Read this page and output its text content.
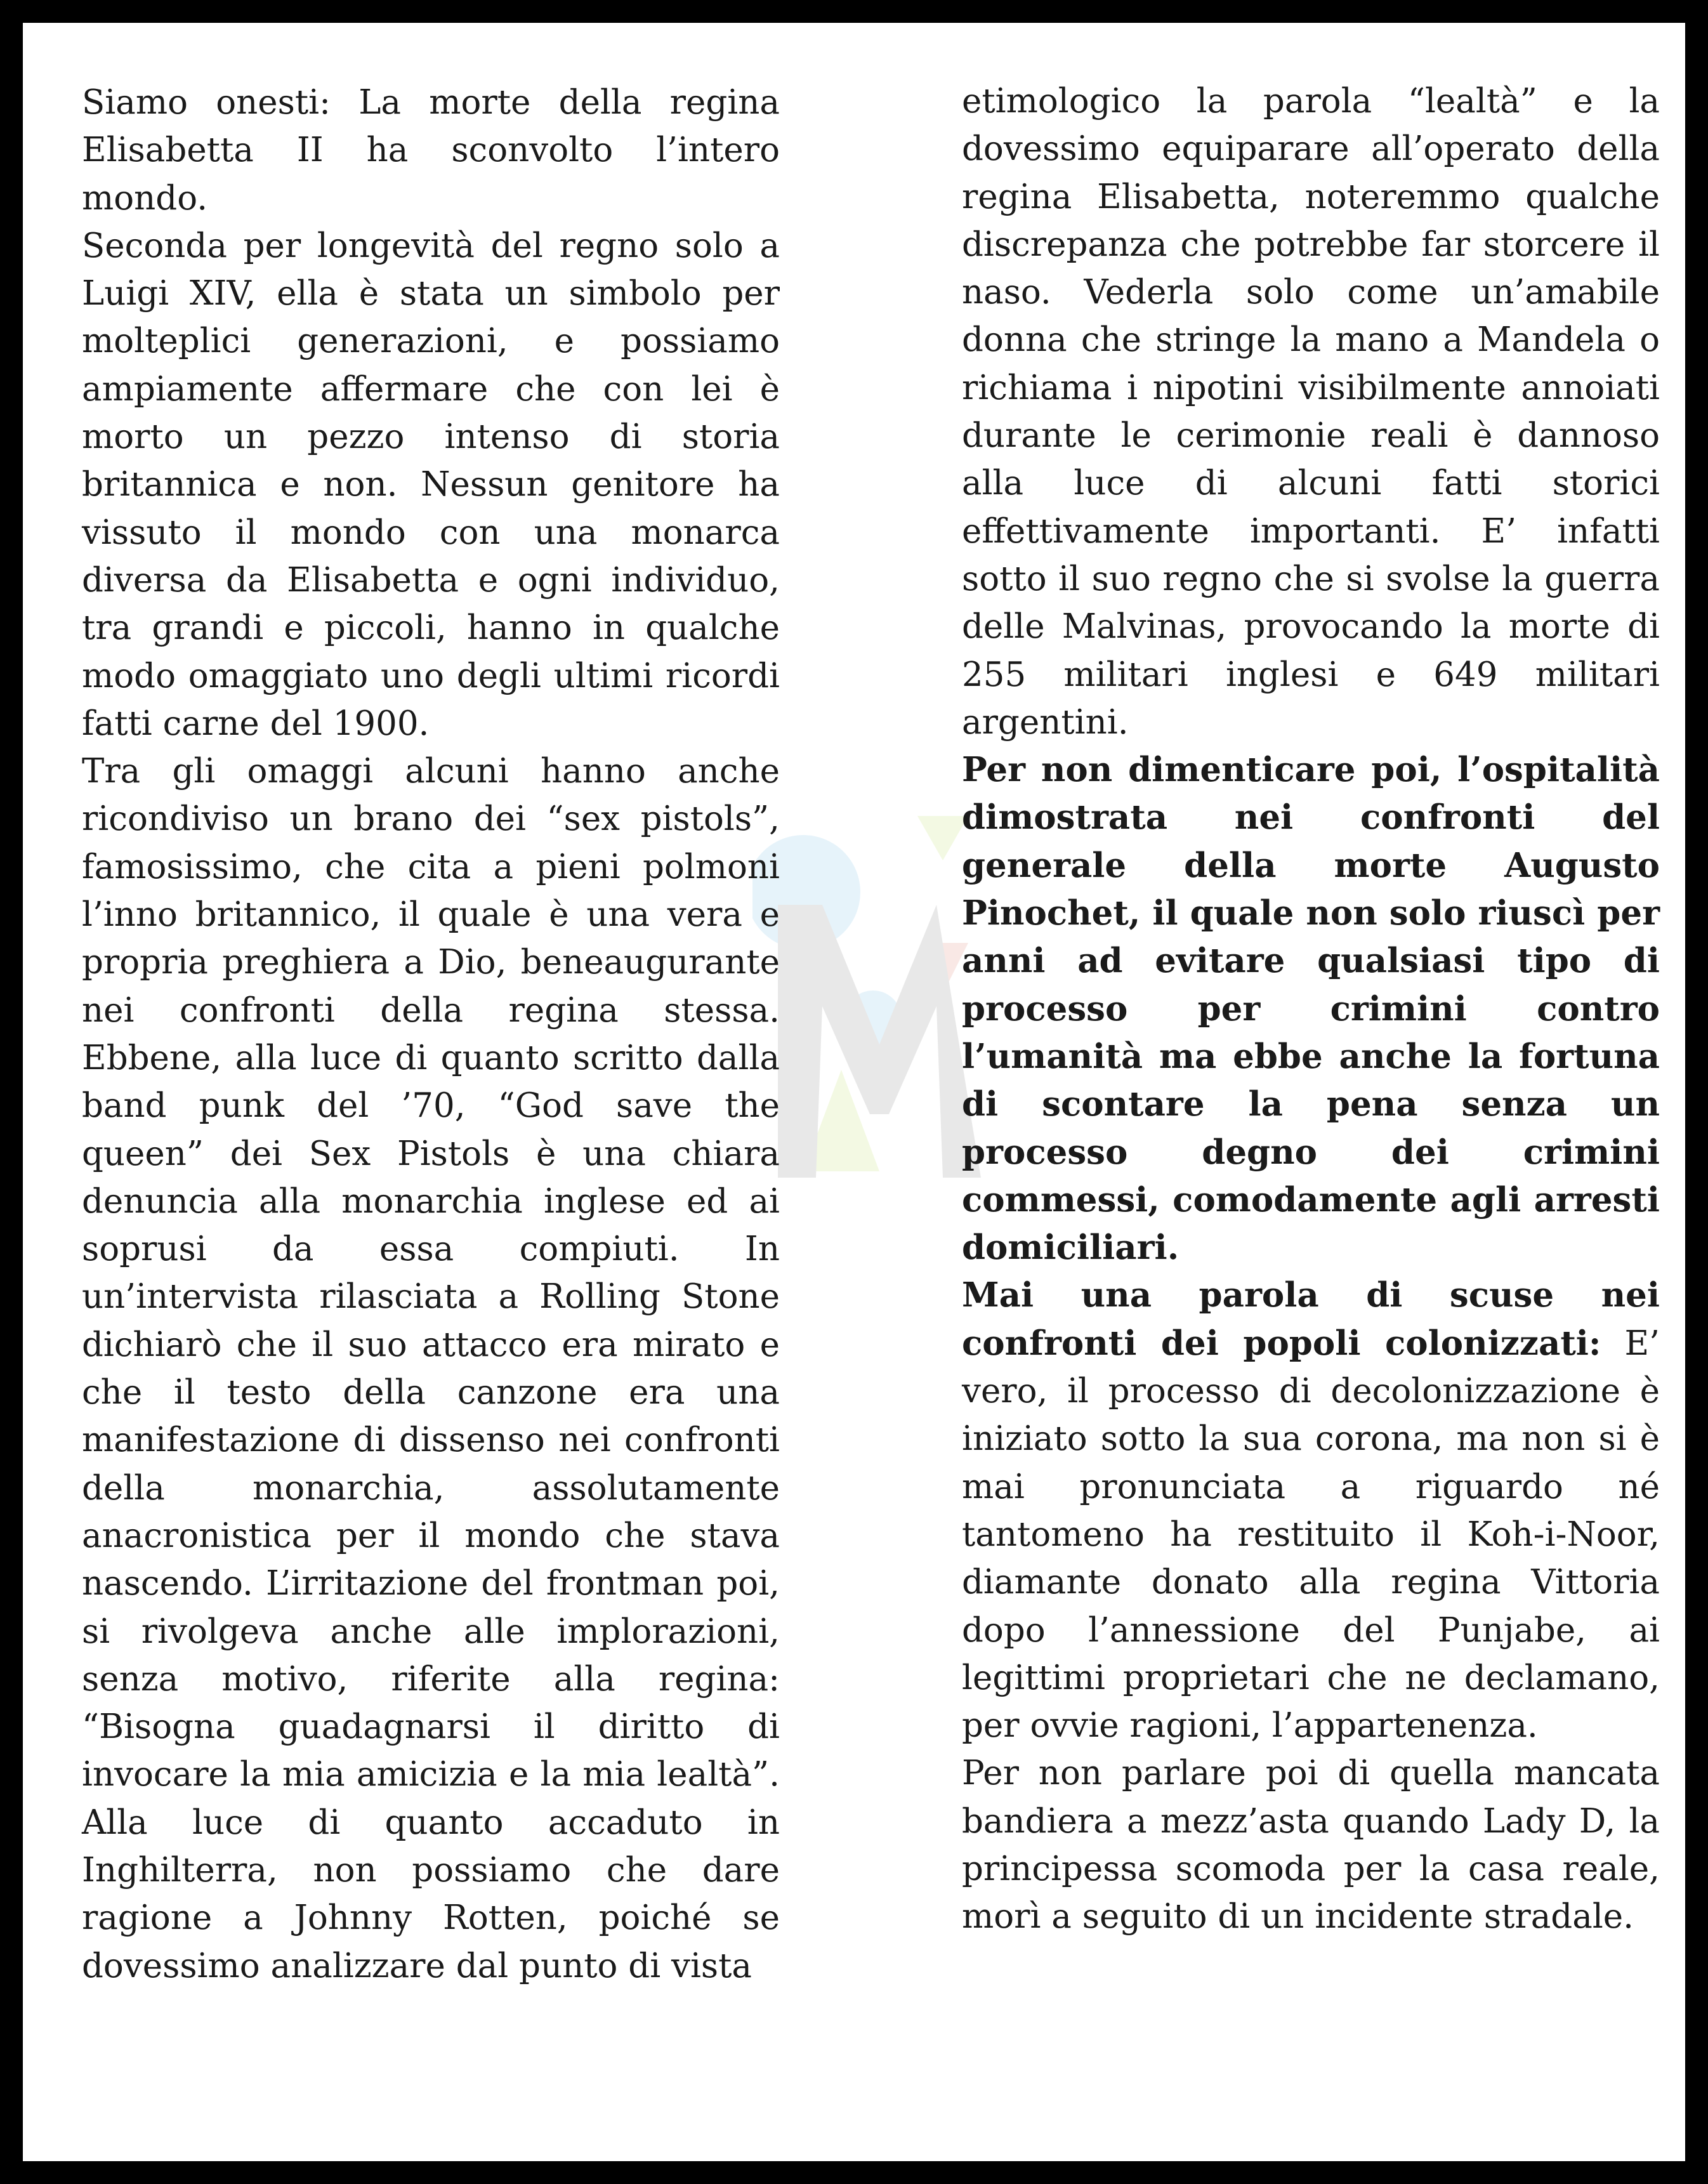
Siamo onesti: La morte della regina Elisabetta II ha sconvolto l’intero mondo.

Seconda per longevità del regno solo a Luigi XIV, ella è stata un simbolo per molteplici generazioni, e possiamo ampiamente affermare che con lei è morto un pezzo intenso di storia britannica e non. Nessun genitore ha vissuto il mondo con una monarca diversa da Elisabetta e ogni individuo, tra grandi e piccoli, hanno in qualche modo omaggiato uno degli ultimi ricordi fatti carne del 1900.

Tra gli omaggi alcuni hanno anche ricondiviso un brano dei “sex pistols”, famosissimo, che cita a pieni polmoni l’inno britannico, il quale è una vera e propria preghiera a Dio, beneaugurante nei confronti della regina stessa. Ebbene, alla luce di quanto scritto dalla band punk del ’70, “God save the queen” dei Sex Pistols è una chiara denuncia alla monarchia inglese ed ai soprusi da essa compiuti. In un’intervista rilasciata a Rolling Stone dichiarò che il suo attacco era mirato e che il testo della canzone era una manifestazione di dissenso nei confronti della monarchia, assolutamente anacronistica per il mondo che stava nascendo. L’irritazione del frontman poi, si rivolgeva anche alle implorazioni, senza motivo, riferite alla regina: “Bisogna guadagnarsi il diritto di invocare la mia amicizia e la mia lealtà”. Alla luce di quanto accaduto in Inghilterra, non possiamo che dare ragione a Johnny Rotten, poiché se dovessimo analizzare dal punto di vista

etimologico la parola “lealtà” e la dovessimo equiparare all’operato della regina Elisabetta, noteremmo qualche discrepanza che potrebbe far storcere il naso. Vederla solo come un’amabile donna che stringe la mano a Mandela o richiama i nipotini visibilmente annoiati durante le cerimonie reali è dannoso alla luce di alcuni fatti storici effettivamente importanti. E’ infatti sotto il suo regno che si svolse la guerra delle Malvinas, provocando la morte di 255 militari inglesi e 649 militari argentini.

Per non dimenticare poi, l’ospitalità dimostrata nei confronti del generale della morte Augusto Pinochet, il quale non solo riuscì per anni ad evitare qualsiasi tipo di processo per crimini contro l’umanità ma ebbe anche la fortuna di scontare la pena senza un processo degno dei crimini commessi, comodamente agli arresti domiciliari.

Mai una parola di scuse nei confronti dei popoli colonizzati: E’ vero, il processo di decolonizzazione è iniziato sotto la sua corona, ma non si è mai pronunciata a riguardo né tantomeno ha restituito il Koh-i-Noor, diamante donato alla regina Vittoria dopo l’annessione del Punjabe, ai legittimi proprietari che ne declamano, per ovvie ragioni, l’appartenenza.

Per non parlare poi di quella mancata bandiera a mezz’asta quando Lady D, la principessa scomoda per la casa reale, morì a seguito di un incidente stradale.
